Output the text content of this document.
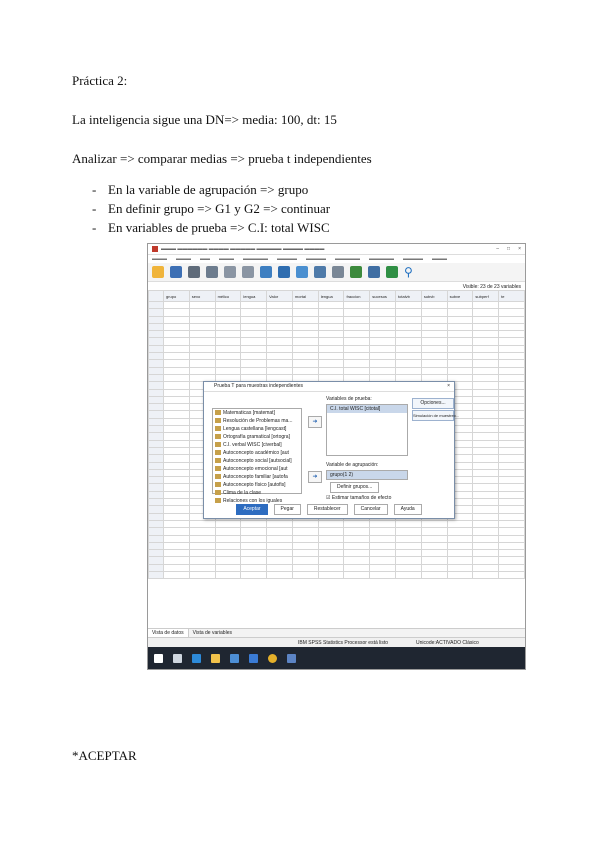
Práctica 2:
La inteligencia sigue una DN=> media: 100, dt: 15
Analizar => comparar medias => prueba t independientes
- En la variable de agrupación => grupo
- En definir grupo => G1 y G2 => continuar
- En variables de prueba => C.I: total WISC
▬▬▬ ▬▬▬▬▬▬ ▬▬▬▬ ▬▬▬▬▬ ▬▬▬▬▬ ▬▬▬▬ ▬▬▬▬	– □ ×
▬▬▬ ▬▬▬ ▬▬ ▬▬▬ ▬▬▬▬▬ ▬▬▬▬ ▬▬▬▬ ▬▬▬▬▬ ▬▬▬▬▬ ▬▬▬▬ ▬▬▬
⚲
Visible: 23 de 23 variables
	grupo	sexo	mélico	lengua	Valor	mortal	lengua	fraccion	sucesos	totalvb	subvb	subve	subperf	te

Vista de datos	Vista de variables
IBM SPSS Statistics Processor está listo	Unicode:ACTIVADO Clásico
Prueba T para muestras independientes	×
Matematicas [matemat]
Resolución de Problemas ma...
Lengua castellana [lengcast]
Ortografía gramatical [ortogra]
C.I. verbal WISC [civerbal]
Autoconcepto académico [aut
Autoconcepto social [autsocial]
Autoconcepto emocional [aut
Autoconcepto familiar [autofa
Autoconcepto físico [autofis]
Clima de la clase
Relaciones con los iguales
➜
Variables de prueba:
C.I. total WISC [citotal]
Opciones...
Simulación de muestreo...
➜
Variable de agrupación:
grupo(1 2)
Definir grupos...
☑ Estimar tamaños de efecto
Aceptar	Pegar	Restablecer	Cancelar	Ayuda
*ACEPTAR
